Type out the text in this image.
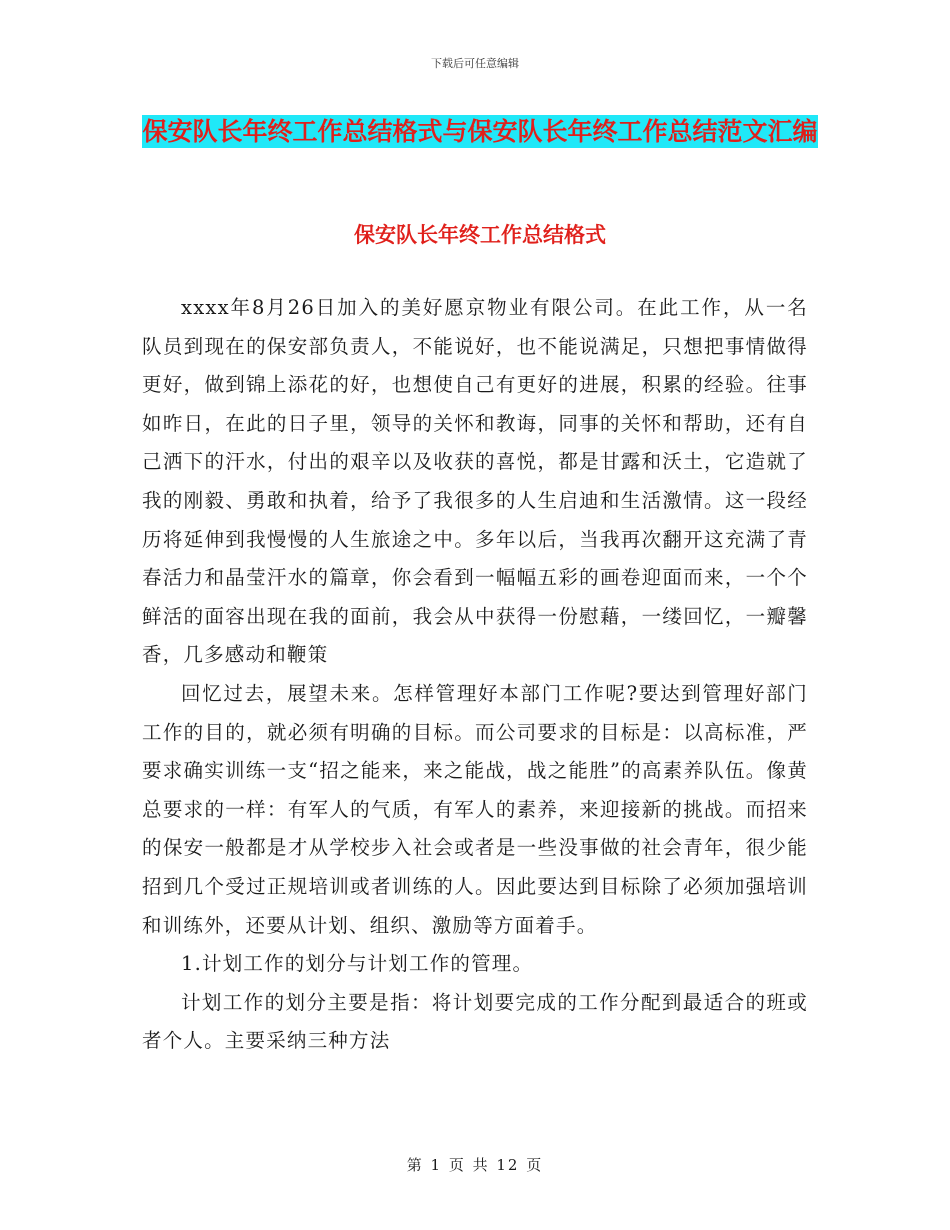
下载后可任意编辑
保安队长年终工作总结格式与保安队长年终工作总结范文汇编
保安队长年终工作总结格式

xxxx年8月26日加入的美好愿京物业有限公司。在此工作，从一名队员到现在的保安部负责人，不能说好，也不能说满足，只想把事情做得更好，做到锦上添花的好，也想使自己有更好的进展，积累的经验。往事如昨日，在此的日子里，领导的关怀和教诲，同事的关怀和帮助，还有自己洒下的汗水，付出的艰辛以及收获的喜悦，都是甘露和沃土，它造就了我的刚毅、勇敢和执着，给予了我很多的人生启迪和生活激情。这一段经历将延伸到我慢慢的人生旅途之中。多年以后，当我再次翻开这充满了青春活力和晶莹汗水的篇章，你会看到一幅幅五彩的画卷迎面而来，一个个鲜活的面容出现在我的面前，我会从中获得一份慰藉，一缕回忆，一瓣馨香，几多感动和鞭策

回忆过去，展望未来。怎样管理好本部门工作呢?要达到管理好部门工作的目的，就必须有明确的目标。而公司要求的目标是：以高标准，严要求确实训练一支“招之能来，来之能战，战之能胜”的高素养队伍。像黄总要求的一样：有军人的气质，有军人的素养，来迎接新的挑战。而招来的保安一般都是才从学校步入社会或者是一些没事做的社会青年，很少能招到几个受过正规培训或者训练的人。因此要达到目标除了必须加强培训和训练外，还要从计划、组织、激励等方面着手。

1.计划工作的划分与计划工作的管理。

计划工作的划分主要是指：将计划要完成的工作分配到最适合的班或者个人。主要采纳三种方法

第 1 页 共 12 页
